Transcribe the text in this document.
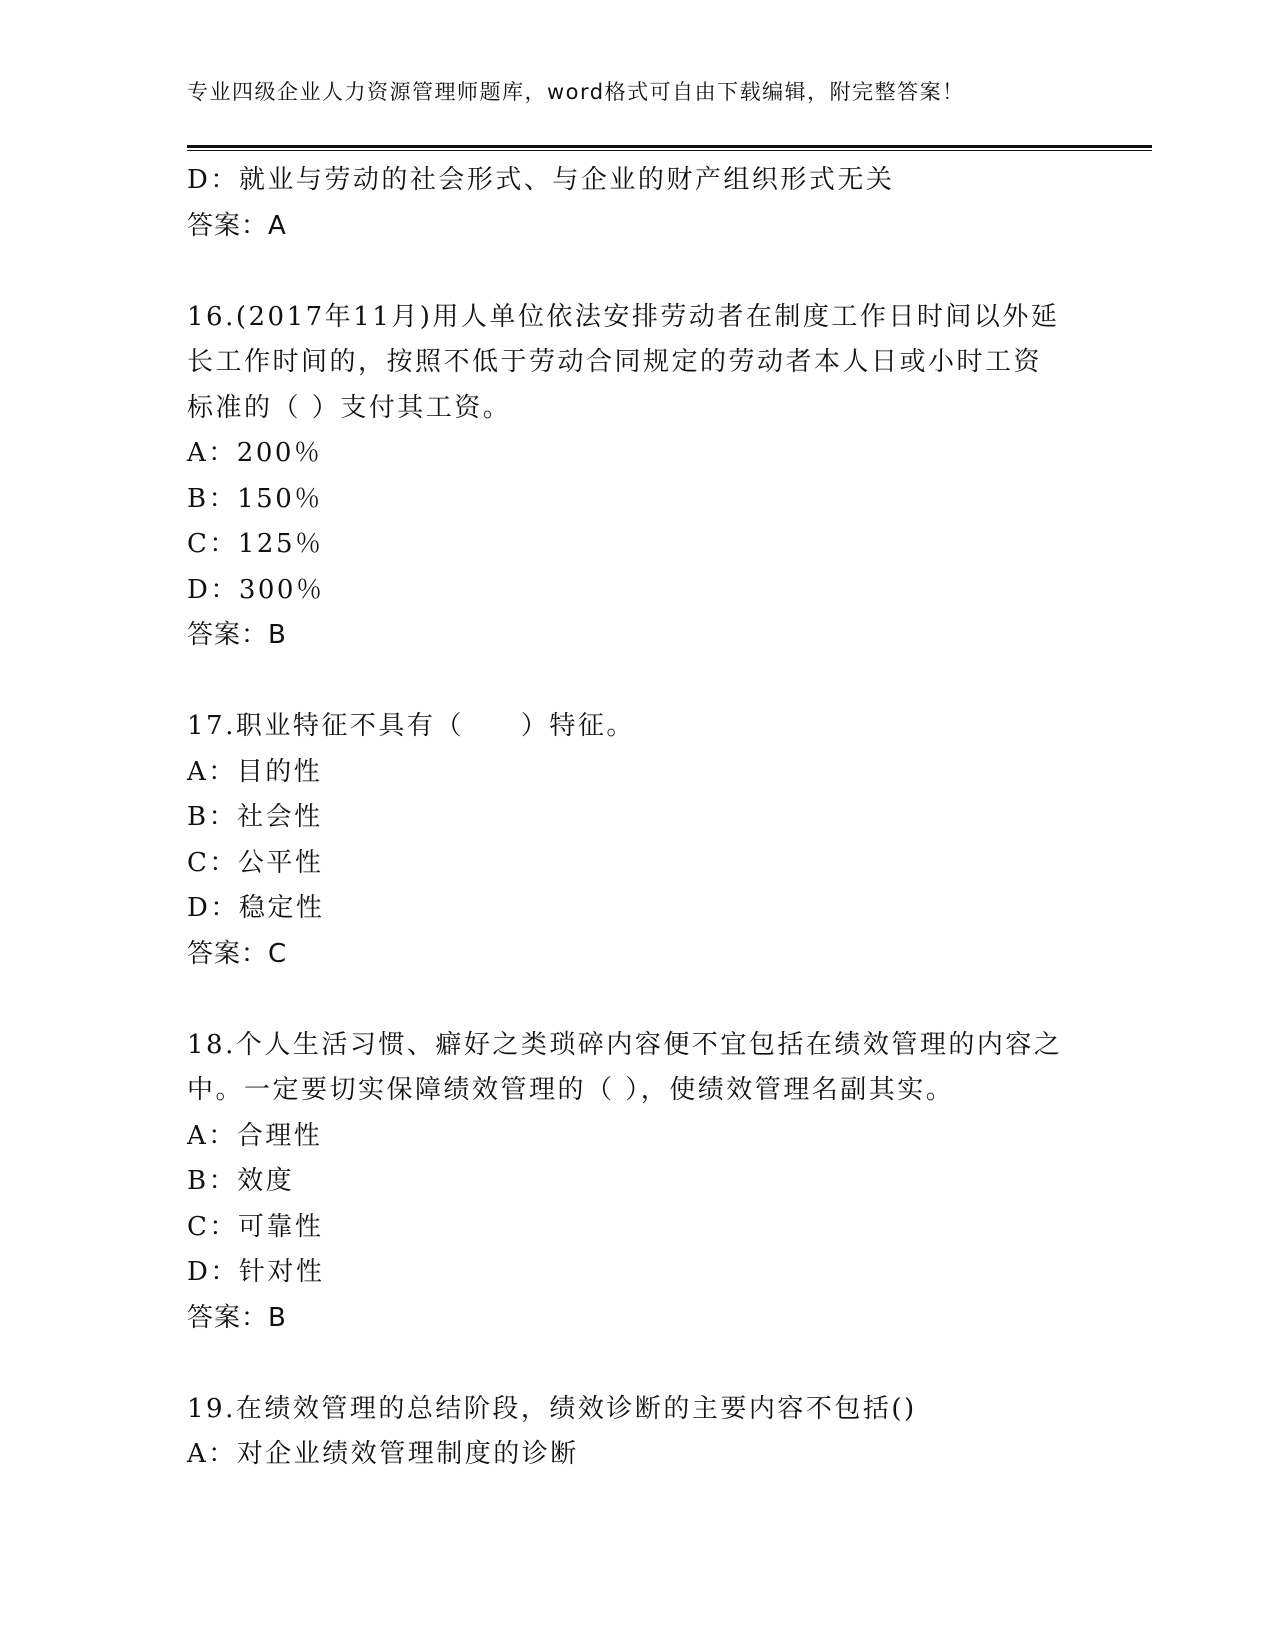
专业四级企业人力资源管理师题库，word格式可自由下载编辑，附完整答案！
D：就业与劳动的社会形式、与企业的财产组织形式无关
答案：A
16.(2017年11月)用人单位依法安排劳动者在制度工作日时间以外延
长工作时间的，按照不低于劳动合同规定的劳动者本人日或小时工资
标准的（ ）支付其工资。
A：200％
B：150％
C：125％
D：300％
答案：B
17.职业特征不具有（　　）特征。
A：目的性
B：社会性
C：公平性
D：稳定性
答案：C
18.个人生活习惯、癖好之类琐碎内容便不宜包括在绩效管理的内容之
中。一定要切实保障绩效管理的（ ），使绩效管理名副其实。
A：合理性
B：效度
C：可靠性
D：针对性
答案：B
19.在绩效管理的总结阶段，绩效诊断的主要内容不包括()
A：对企业绩效管理制度的诊断
